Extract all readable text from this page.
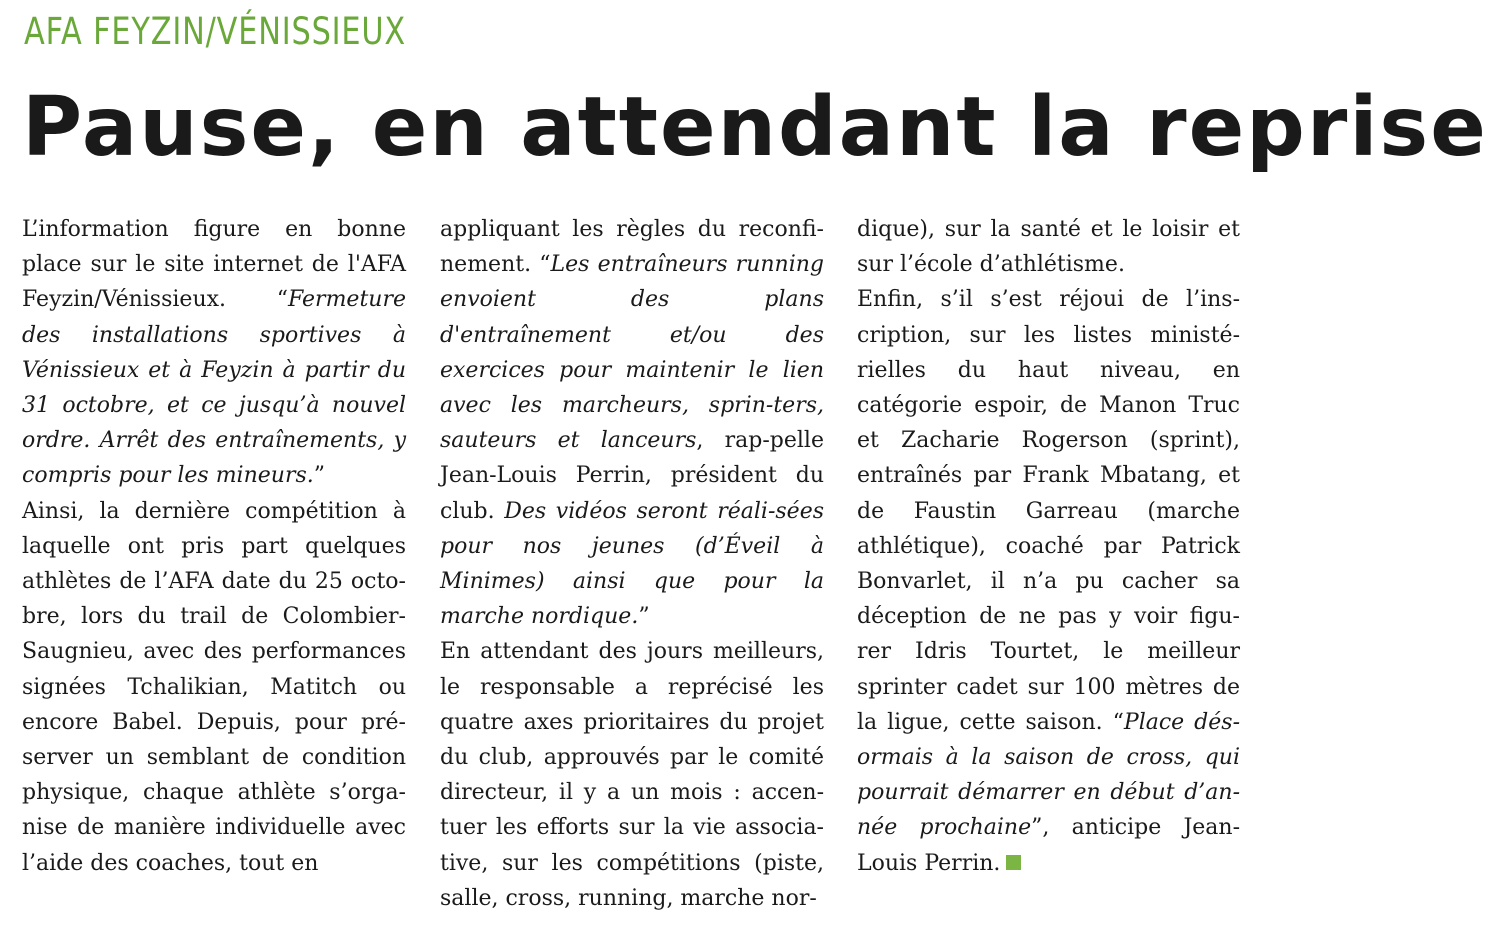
AFA FEYZIN/VÉNISSIEUX
Pause, en attendant la reprise

L’information figure en bonne place sur le site internet de l'AFA Feyzin/Vénissieux. “Fermeture des installations sportives à Vénissieux et à Feyzin à partir du 31 octobre, et ce jusqu’à nouvel ordre. Arrêt des entraînements, y compris pour les mineurs.”

Ainsi, la dernière compétition à laquelle ont pris part quelques athlètes de l’AFA date du 25 octo-bre, lors du trail de Colombier-Saugnieu, avec des performances signées Tchalikian, Matitch ou encore Babel. Depuis, pour pré-server un semblant de condition physique, chaque athlète s’orga-nise de manière individuelle avec l’aide des coaches, tout en

appliquant les règles du reconfi-nement. “Les entraîneurs running envoient des plans d'entraînement et/ou des exercices pour maintenir le lien avec les marcheurs, sprin-ters, sauteurs et lanceurs, rap-pelle Jean-Louis Perrin, président du club. Des vidéos seront réali-sées pour nos jeunes (d’Éveil à Minimes) ainsi que pour la marche nordique.”

En attendant des jours meilleurs, le responsable a reprécisé les quatre axes prioritaires du projet du club, approuvés par le comité directeur, il y a un mois : accen-tuer les efforts sur la vie associa-tive, sur les compétitions (piste, salle, cross, running, marche nor-

dique), sur la santé et le loisir et sur l’école d’athlétisme.

Enfin, s’il s’est réjoui de l’ins-cription, sur les listes ministé-rielles du haut niveau, en catégorie espoir, de Manon Truc et Zacharie Rogerson (sprint), entraînés par Frank Mbatang, et de Faustin Garreau (marche athlétique), coaché par Patrick Bonvarlet, il n’a pu cacher sa déception de ne pas y voir figu-rer Idris Tourtet, le meilleur sprinter cadet sur 100 mètres de la ligue, cette saison. “Place dés-ormais à la saison de cross, qui pourrait démarrer en début d’an-née prochaine”, anticipe Jean-Louis Perrin.
